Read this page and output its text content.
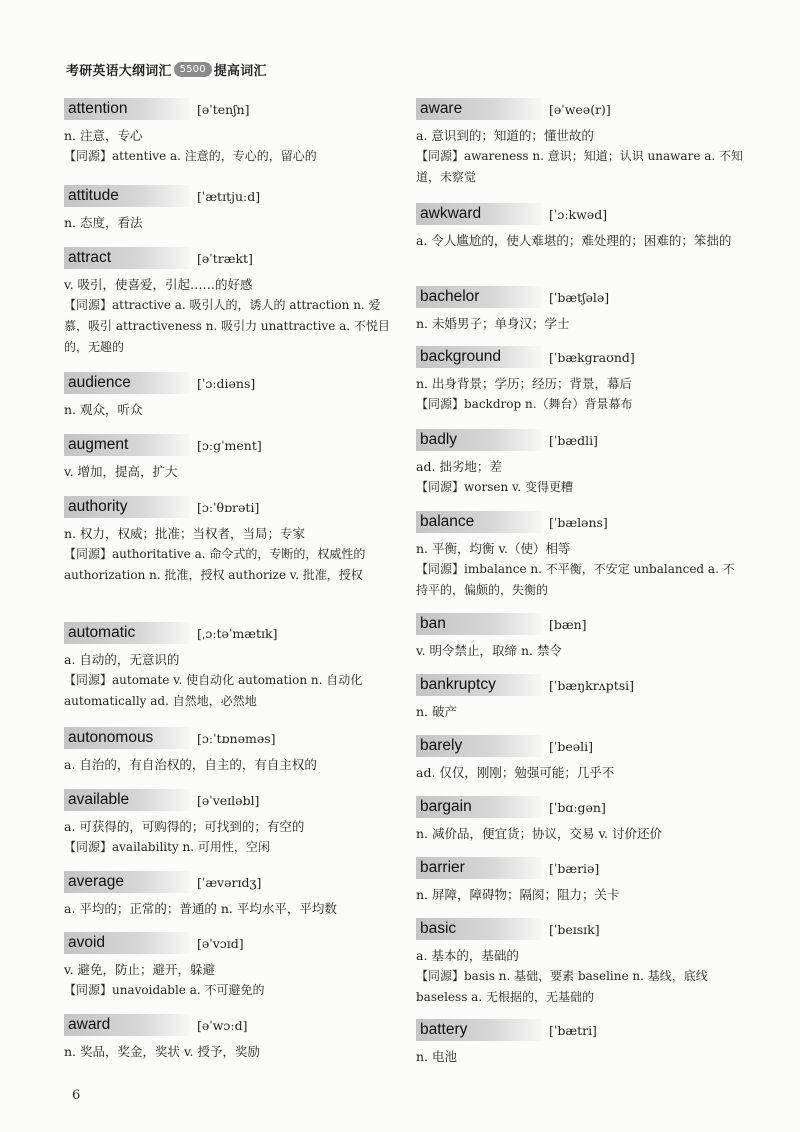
考研英语大纲词汇 5500 提高词汇
attention	[əˈtenʃn]
n. 注意，专心
【同源】attentive a. 注意的，专心的，留心的
attitude	[ˈætɪtjuːd]
n. 态度，看法
attract	[əˈtrækt]
v. 吸引，使喜爱，引起……的好感
【同源】attractive a. 吸引人的，诱人的 attraction n. 爱慕，吸引 attractiveness n. 吸引力 unattractive a. 不悦目的，无趣的
audience	[ˈɔːdiəns]
n. 观众，听众
augment	[ɔːgˈment]
v. 增加，提高，扩大
authority	[ɔːˈθɒrəti]
n. 权力，权威；批准；当权者，当局；专家
【同源】authoritative a. 命令式的，专断的，权威性的 authorization n. 批准，授权 authorize v. 批准，授权
automatic	[ˌɔːtəˈmætɪk]
a. 自动的，无意识的
【同源】automate v. 使自动化 automation n. 自动化 automatically ad. 自然地，必然地
autonomous	[ɔːˈtɒnəməs]
a. 自治的，有自治权的，自主的，有自主权的
available	[əˈveɪləbl]
a. 可获得的，可购得的；可找到的；有空的
【同源】availability n. 可用性，空闲
average	[ˈævərɪdʒ]
a. 平均的；正常的；普通的 n. 平均水平，平均数
avoid	[əˈvɔɪd]
v. 避免，防止；避开，躲避
【同源】unavoidable a. 不可避免的
award	[əˈwɔːd]
n. 奖品，奖金，奖状 v. 授予，奖励
aware	[əˈweə(r)]
a. 意识到的；知道的；懂世故的
【同源】awareness n. 意识；知道；认识 unaware a. 不知道，未察觉
awkward	[ˈɔːkwəd]
a. 令人尴尬的，使人难堪的；难处理的；困难的；笨拙的
bachelor	[ˈbætʃələ]
n. 未婚男子；单身汉；学士
background	[ˈbækgraʊnd]
n. 出身背景；学历；经历；背景，幕后
【同源】backdrop n.（舞台）背景幕布
badly	[ˈbædli]
ad. 拙劣地；差
【同源】worsen v. 变得更糟
balance	[ˈbæləns]
n. 平衡，均衡 v.（使）相等
【同源】imbalance n. 不平衡，不安定 unbalanced a. 不持平的，偏颇的，失衡的
ban	[bæn]
v. 明令禁止，取缔 n. 禁令
bankruptcy	[ˈbæŋkrʌptsi]
n. 破产
barely	[ˈbeəli]
ad. 仅仅，刚刚；勉强可能；几乎不
bargain	[ˈbɑːgən]
n. 减价品，便宜货；协议，交易 v. 讨价还价
barrier	[ˈbæriə]
n. 屏障，障碍物；隔阂；阻力；关卡
basic	[ˈbeɪsɪk]
a. 基本的，基础的
【同源】basis n. 基础，要素 baseline n. 基线，底线 baseless a. 无根据的，无基础的
battery	[ˈbætri]
n. 电池
6
